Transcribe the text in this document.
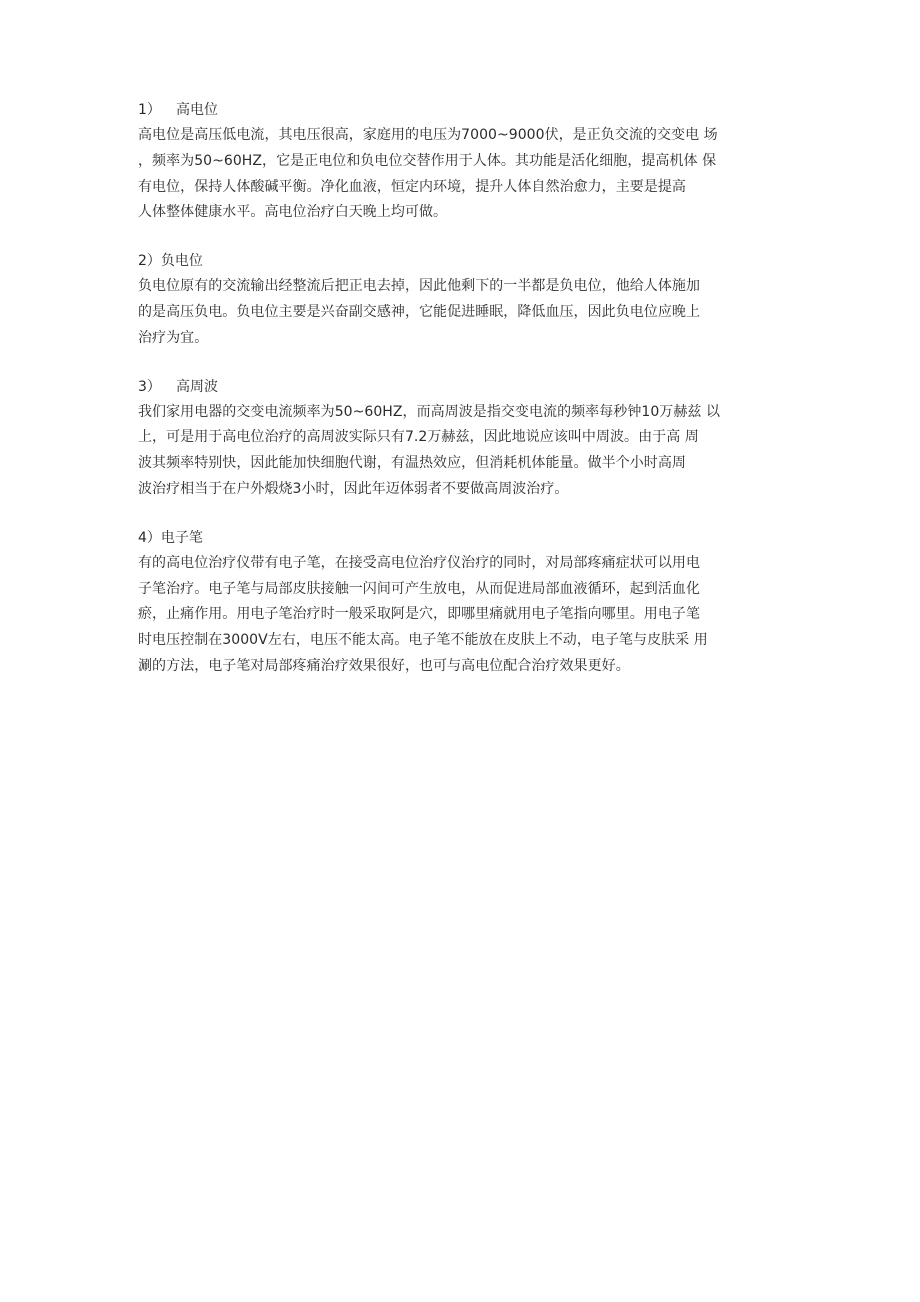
1） 高电位
高电位是高压低电流，其电压很高，家庭用的电压为7000~9000伏，是正负交流的交变电 场
，频率为50~60HZ，它是正电位和负电位交替作用于人体。其功能是活化细胞，提高机体 保
有电位，保持人体酸碱平衡。净化血液，恒定内环境，提升人体自然治愈力，主要是提高
人体整体健康水平。高电位治疗白天晚上均可做。
2）负电位
负电位原有的交流输出经整流后把正电去掉，因此他剩下的一半都是负电位，他给人体施加
的是高压负电。负电位主要是兴奋副交感神，它能促进睡眠，降低血压，因此负电位应晚上
治疗为宜。
3） 高周波
我们家用电器的交变电流频率为50~60HZ，而高周波是指交变电流的频率每秒钟10万赫兹 以
上，可是用于高电位治疗的高周波实际只有7.2万赫兹，因此地说应该叫中周波。由于高 周
波其频率特别快，因此能加快细胞代谢，有温热效应，但消耗机体能量。做半个小时高周
波治疗相当于在户外煅烧3小时，因此年迈体弱者不要做高周波治疗。
4）电子笔
有的高电位治疗仪带有电子笔，在接受高电位治疗仪治疗的同时，对局部疼痛症状可以用电
子笔治疗。电子笔与局部皮肤接触一闪间可产生放电，从而促进局部血液循环，起到活血化
瘀，止痛作用。用电子笔治疗时一般采取阿是穴，即哪里痛就用电子笔指向哪里。用电子笔
时电压控制在3000V左右，电压不能太高。电子笔不能放在皮肤上不动，电子笔与皮肤采 用
涮的方法，电子笔对局部疼痛治疗效果很好，也可与高电位配合治疗效果更好。
